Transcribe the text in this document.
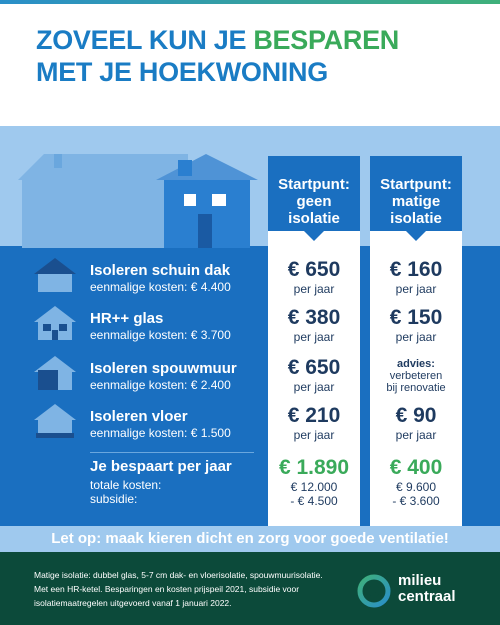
ZOVEEL KUN JE BESPAREN
MET JE HOEKWONING
Startpunt:
geen
isolatie
Startpunt:
matige
isolatie
Isoleren schuin dak
eenmalige kosten: € 4.400
€ 650
per jaar
€ 160
per jaar
HR++ glas
eenmalige kosten: € 3.700
€ 380
per jaar
€ 150
per jaar
Isoleren spouwmuur
eenmalige kosten: € 2.400
€ 650
per jaar
advies:
verbeteren
bij renovatie
Isoleren vloer
eenmalige kosten: € 1.500
€ 210
per jaar
€ 90
per jaar
Je bespaart per jaar
totale kosten:
subsidie:
€ 1.890
€ 12.000
- € 4.500
€ 400
€ 9.600
- € 3.600
Let op: maak kieren dicht en zorg voor goede ventilatie!
Matige isolatie: dubbel glas, 5-7 cm dak- en vloerisolatie, spouwmuurisolatie.
Met een HR-ketel. Besparingen en kosten prijspeil 2021, subsidie voor
isolatiemaatregelen uitgevoerd vanaf 1 januari 2022.
milieu
centraal
